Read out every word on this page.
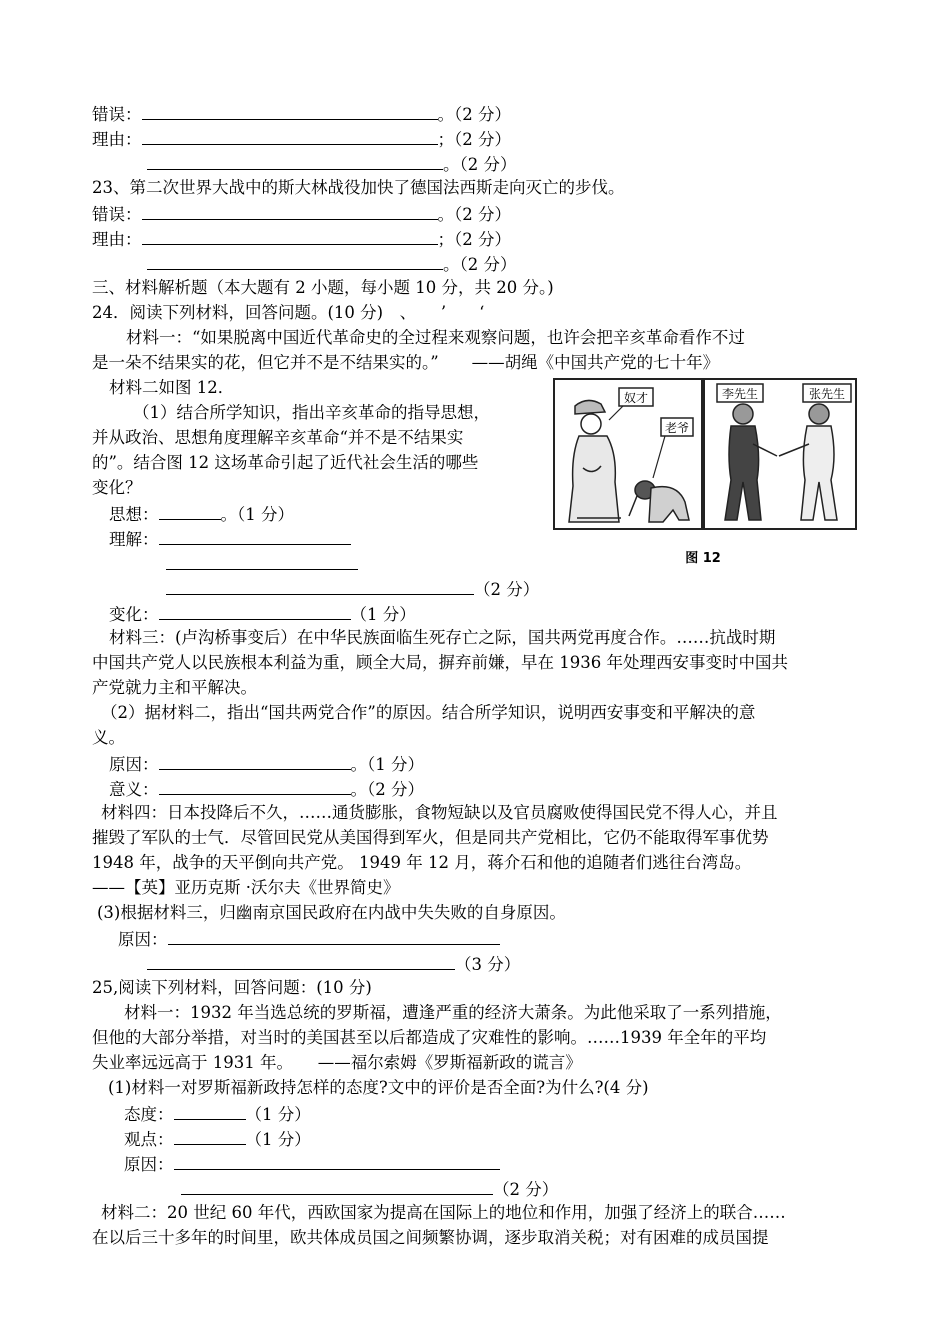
错误：	。（2 分）
理由：	；（2 分）
。（2 分）
23、第二次世界大战中的斯大林战役加快了德国法西斯走向灭亡的步伐。
错误：	。（2 分）
理由：	；（2 分）
。（2 分）
三、材料解析题（本大题有 2 小题，每小题 10 分，共 20 分。)
24．阅读下列材料，回答问题。(10 分)　、　　’　　‘
材料一：“如果脱离中国近代革命史的全过程来观察问题，也许会把辛亥革命看作不过
是一朵不结果实的花，但它并不是不结果实的。”　　——胡绳《中国共产党的七十年》
材料二如图 12．
（1）结合所学知识，指出辛亥革命的指导思想，
并从政治、思想角度理解辛亥革命“并不是不结果实
的”。结合图 12 这场革命引起了近代社会生活的哪些
变化？
思想：	。（1 分）
理解：
（2 分）
变化：	（1 分）
奴才
老爷
李先生	张先生
图 12
材料三：(卢沟桥事变后）在中华民族面临生死存亡之际，国共两党再度合作。……抗战时期
中国共产党人以民族根本利益为重，顾全大局，摒弃前嫌，早在 1936 年处理西安事变时中国共
产党就力主和平解决。
（2）据材料二，指出“国共两党合作”的原因。结合所学知识，说明西安事变和平解决的意
义。
原因：	。（1 分）
意义：	。（2 分）
材料四：日本投降后不久，……通货膨胀，食物短缺以及官员腐败使得国民党不得人心，并且
摧毁了军队的士气．尽管回民党从美国得到军火，但是同共产党相比，它仍不能取得军事优势
1948 年，战争的天平倒向共产党。 1949 年 12 月，蒋介石和他的追随者们逃往台湾岛。
——【英】亚历克斯 ·沃尔夫《世界简史》
(3)根据材料三，归幽南京国民政府在内战中失失败的自身原因。
原因：
（3 分）
25,阅读下列材料，回答问题：(10 分)
材料一：1932 年当选总统的罗斯福，遭逢严重的经济大萧条。为此他采取了一系列措施，
但他的大部分举措，对当时的美国甚至以后都造成了灾难性的影响。……1939 年全年的平均
失业率远远高于 1931 年。　　——福尔索姆《罗斯福新政的谎言》
(1)材料一对罗斯福新政持怎样的态度?文中的评价是否全面?为什么?(4 分)
态度：	（1 分）
观点：	（1 分）
原因：
（2 分）
材料二：20 世纪 60 年代，西欧国家为提高在国际上的地位和作用，加强了经济上的联合……
在以后三十多年的时间里，欧共体成员国之间频繁协调，逐步取消关税；对有困难的成员国提
